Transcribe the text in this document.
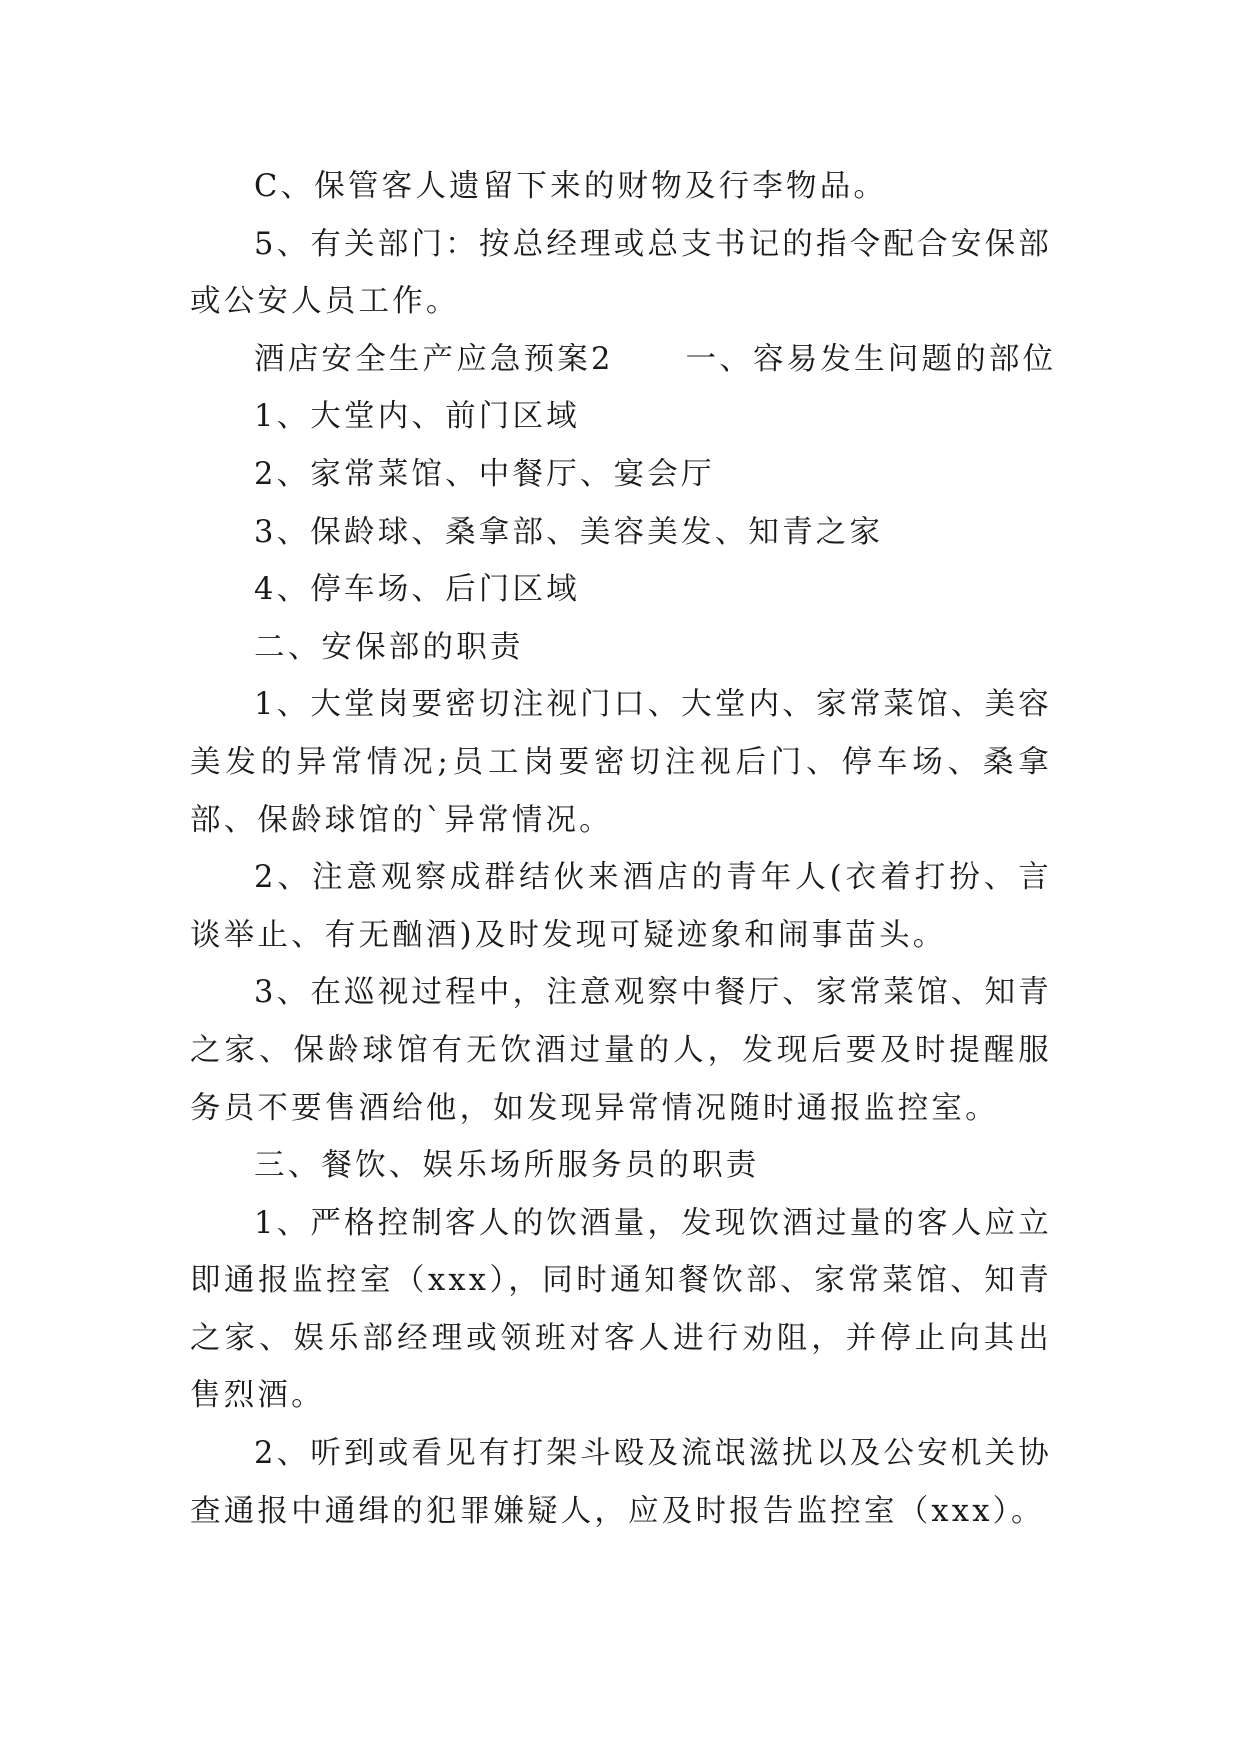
C、保管客人遗留下来的财物及行李物品。

5、有关部门：按总经理或总支书记的指令配合安保部或公安人员工作。

酒店安全生产应急预案2 一、容易发生问题的部位

1、大堂内、前门区域

2、家常菜馆、中餐厅、宴会厅

3、保龄球、桑拿部、美容美发、知青之家

4、停车场、后门区域

二、安保部的职责

1、大堂岗要密切注视门口、大堂内、家常菜馆、美容美发的异常情况;员工岗要密切注视后门、停车场、桑拿部、保龄球馆的`异常情况。

2、注意观察成群结伙来酒店的青年人(衣着打扮、言谈举止、有无酗酒)及时发现可疑迹象和闹事苗头。

3、在巡视过程中，注意观察中餐厅、家常菜馆、知青之家、保龄球馆有无饮酒过量的人，发现后要及时提醒服务员不要售酒给他，如发现异常情况随时通报监控室。

三、餐饮、娱乐场所服务员的职责

1、严格控制客人的饮酒量，发现饮酒过量的客人应立即通报监控室（xxx），同时通知餐饮部、家常菜馆、知青之家、娱乐部经理或领班对客人进行劝阻，并停止向其出售烈酒。

2、听到或看见有打架斗殴及流氓滋扰以及公安机关协查通报中通缉的犯罪嫌疑人，应及时报告监控室（xxx）。
